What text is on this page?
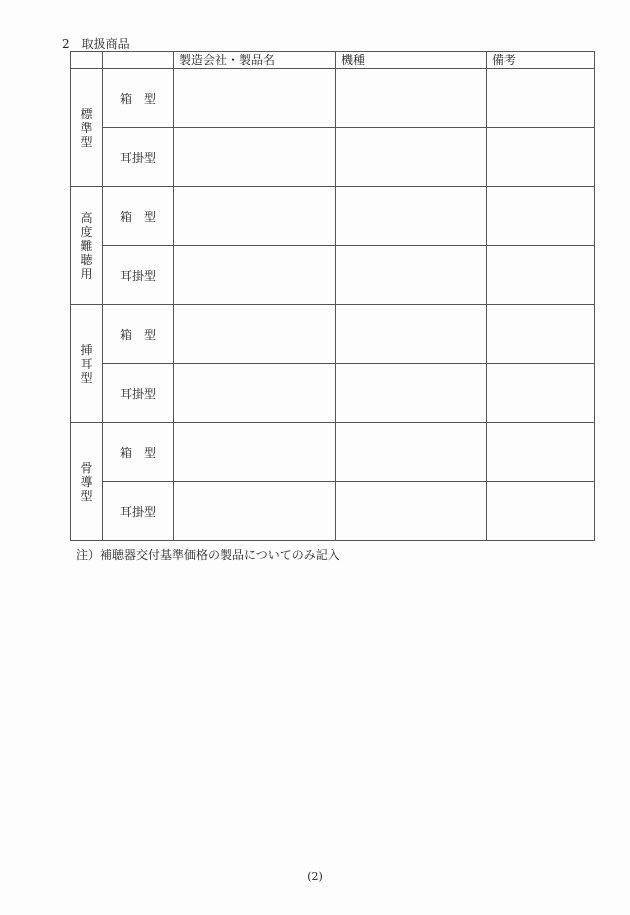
2　取扱商品
		製造会社・製品名	機種	備考
標準型	箱　型			
	耳掛型			
高度難聴用	箱　型			
	耳掛型			
挿耳型	箱　型			
	耳掛型			
骨導型	箱　型			
	耳掛型			
注）補聴器交付基準価格の製品についてのみ記入
(2)
